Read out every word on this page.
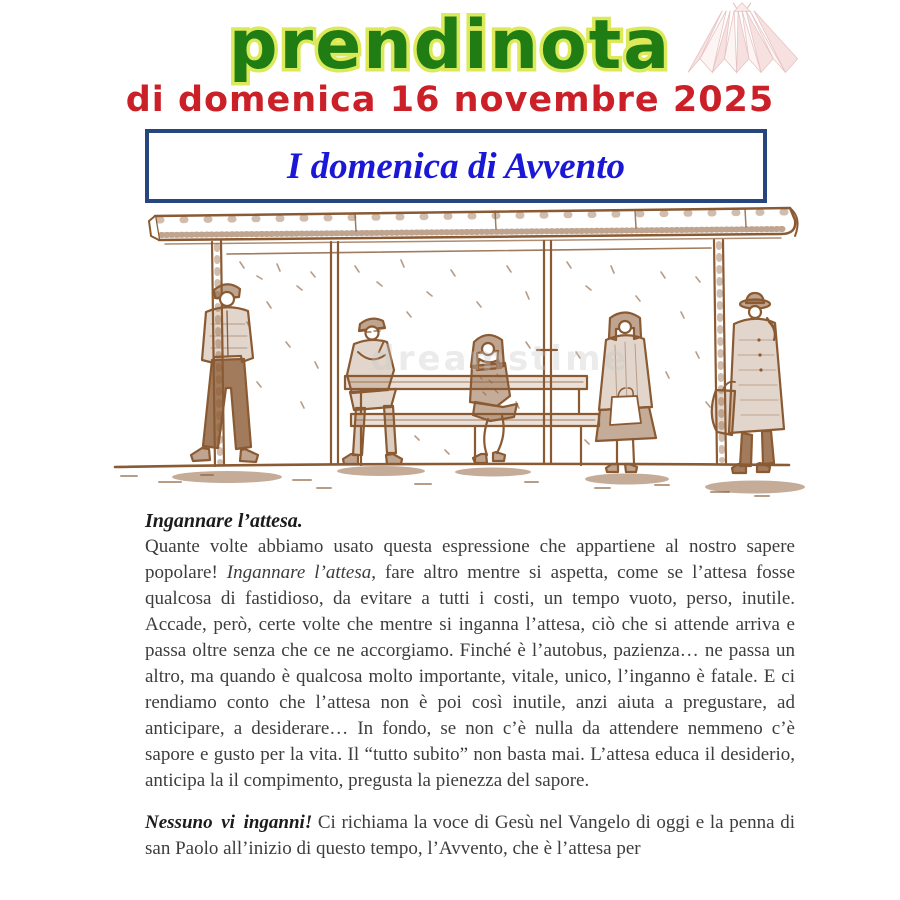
prendinota
di domenica 16 novembre 2025
I domenica di Avvento
dreamstime
Ingannare l’attesa.

Quante volte abbiamo usato questa espressione che appartiene al nostro sapere popolare! Ingannare l’attesa, fare altro mentre si aspetta, come se l’attesa fosse qualcosa di fastidioso, da evitare a tutti i costi, un tempo vuoto, perso, inutile. Accade, però, certe volte che mentre si inganna l’attesa, ciò che si attende arriva e passa oltre senza che ce ne accorgiamo. Finché è l’autobus, pazienza… ne passa un altro, ma quando è qualcosa molto importante, vitale, unico, l’inganno è fatale. E ci rendiamo conto che l’attesa non è poi così inutile, anzi aiuta a pregustare, ad anticipare, a desiderare… In fondo, se non c’è nulla da attendere nemmeno c’è sapore e gusto per la vita. Il “tutto subito” non basta mai. L’attesa educa il desiderio, anticipa la il compimento, pregusta la pienezza del sapore.

Nessuno vi inganni! Ci richiama la voce di Gesù nel Vangelo di oggi e la penna di san Paolo all’inizio di questo tempo, l’Avvento, che è l’attesa per
